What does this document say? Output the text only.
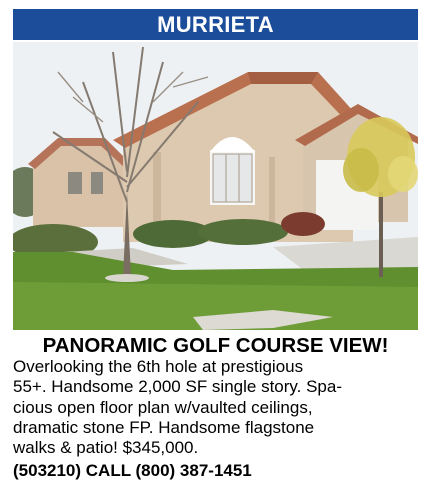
MURRIETA
PANORAMIC GOLF COURSE VIEW!
Overlooking the 6th hole at prestigious
55+. Handsome 2,000 SF single story. Spa-
cious open floor plan w/vaulted ceilings,
dramatic stone FP. Handsome flagstone
walks & patio! $345,000.
(503210) CALL (800) 387-1451
